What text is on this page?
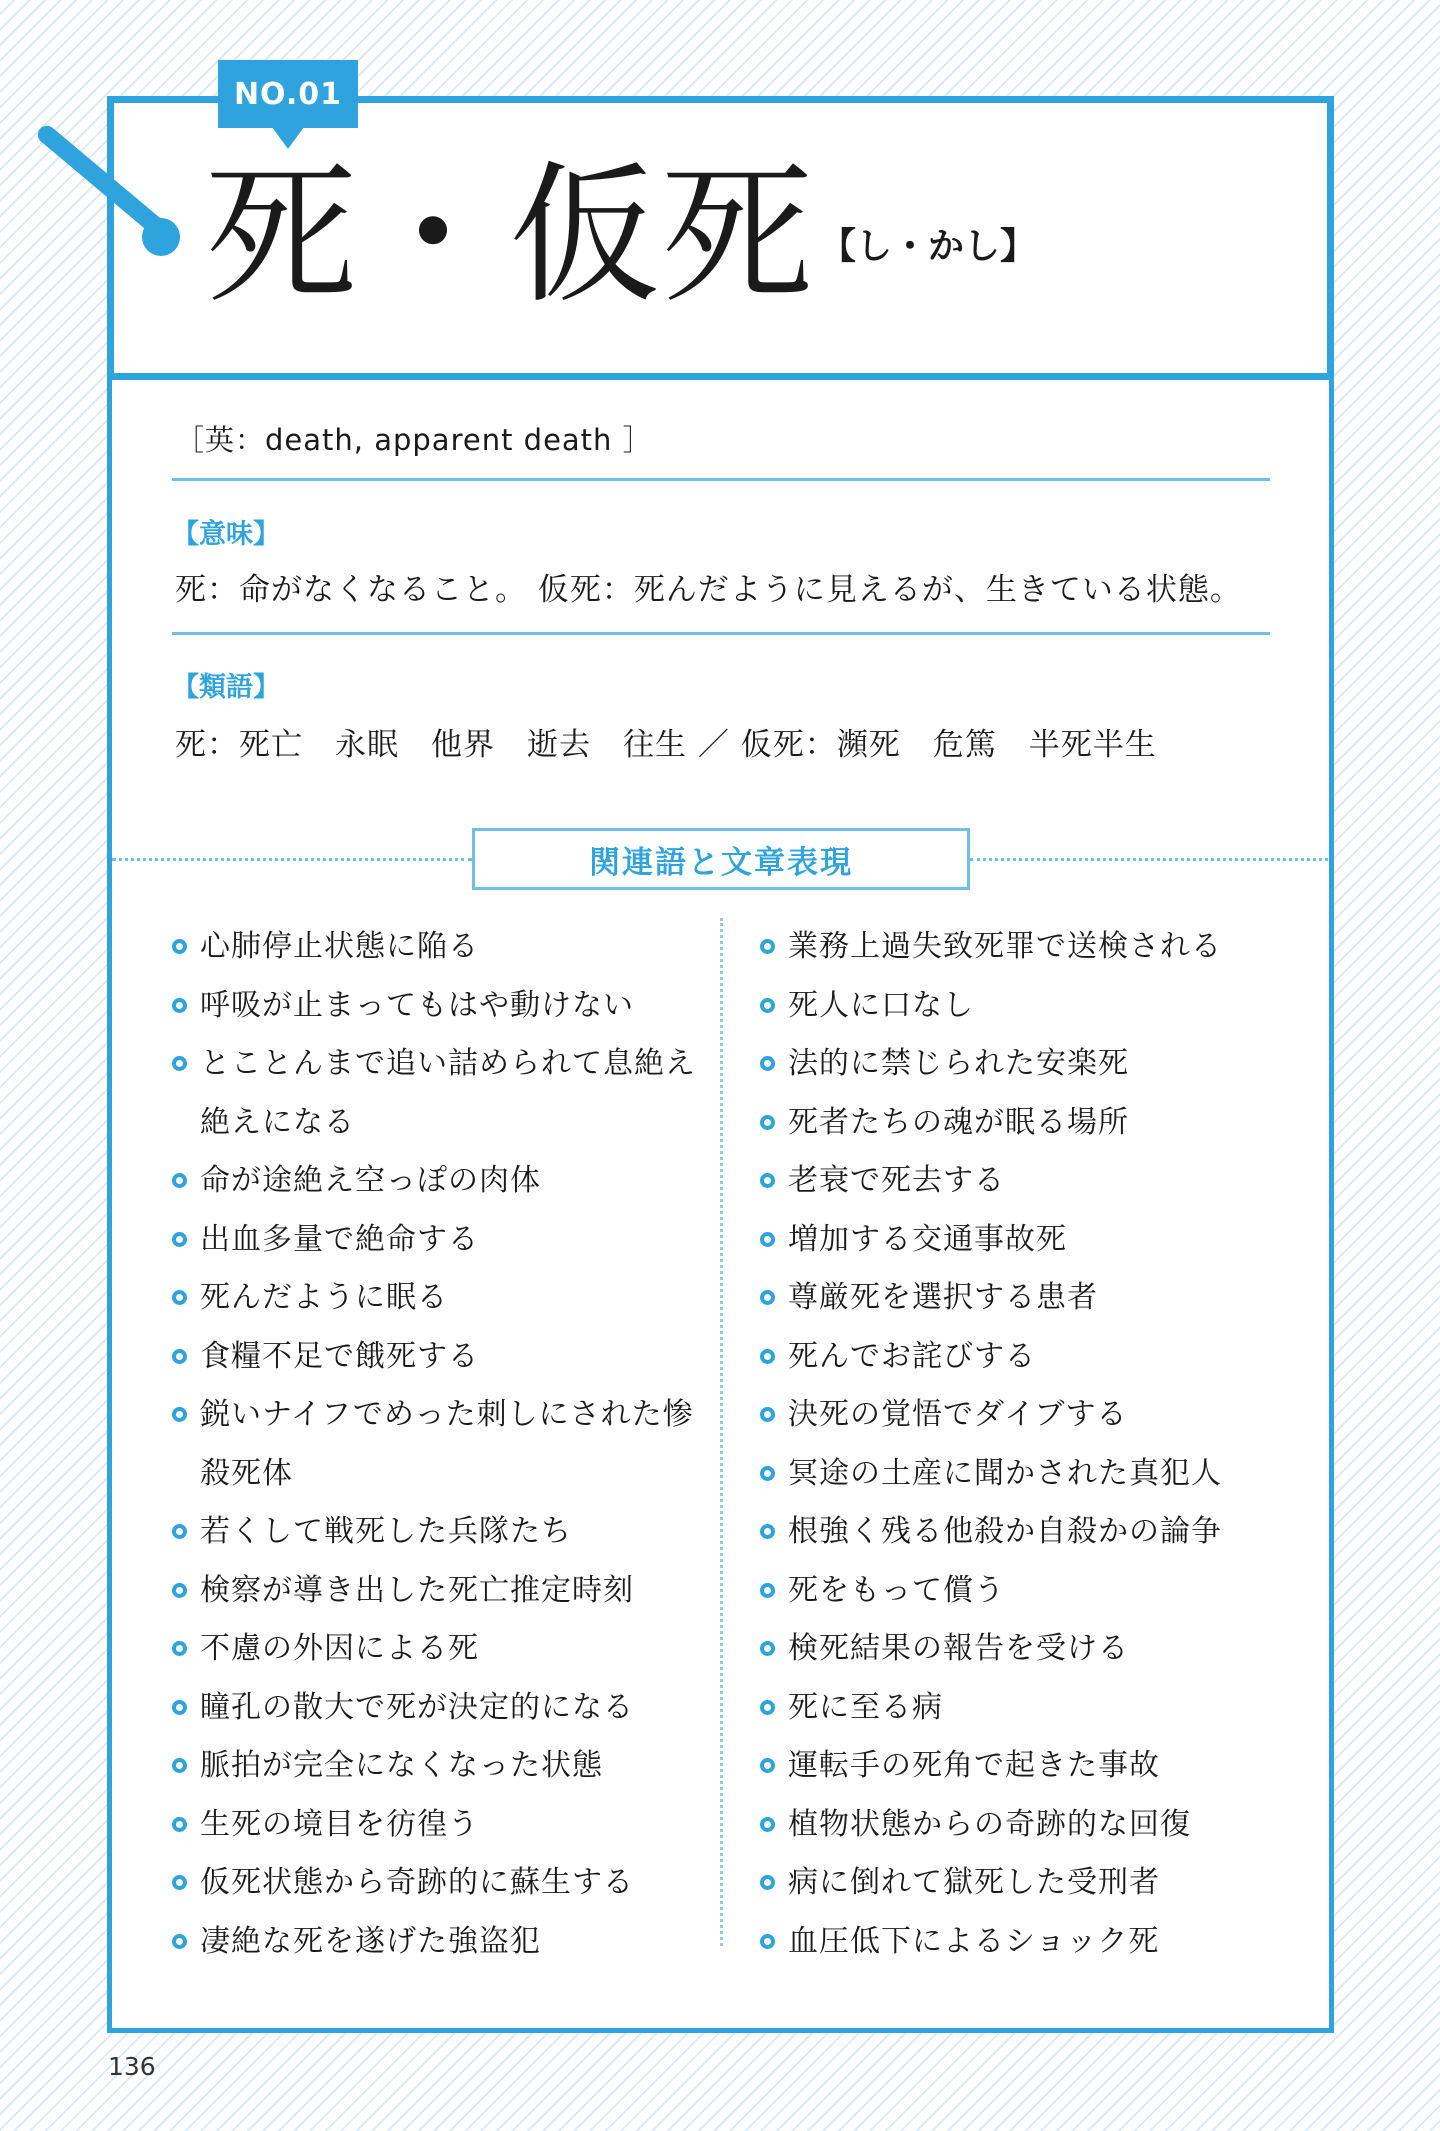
NO.01
死・仮死 【し・かし】
［英：death, apparent death ］
【意味】
死：命がなくなること。 仮死：死んだように見えるが、生きている状態。
【類語】
死：死亡　永眠　他界　逝去　往生 ／ 仮死：瀕死　危篤　半死半生
関連語と文章表現
心肺停止状態に陥る
呼吸が止まってもはや動けない
とことんまで追い詰められて息絶え絶えになる
命が途絶え空っぽの肉体
出血多量で絶命する
死んだように眠る
食糧不足で餓死する
鋭いナイフでめった刺しにされた惨殺死体
若くして戦死した兵隊たち
検察が導き出した死亡推定時刻
不慮の外因による死
瞳孔の散大で死が決定的になる
脈拍が完全になくなった状態
生死の境目を彷徨う
仮死状態から奇跡的に蘇生する
凄絶な死を遂げた強盗犯
業務上過失致死罪で送検される
死人に口なし
法的に禁じられた安楽死
死者たちの魂が眠る場所
老衰で死去する
増加する交通事故死
尊厳死を選択する患者
死んでお詫びする
決死の覚悟でダイブする
冥途の土産に聞かされた真犯人
根強く残る他殺か自殺かの論争
死をもって償う
検死結果の報告を受ける
死に至る病
運転手の死角で起きた事故
植物状態からの奇跡的な回復
病に倒れて獄死した受刑者
血圧低下によるショック死
136
